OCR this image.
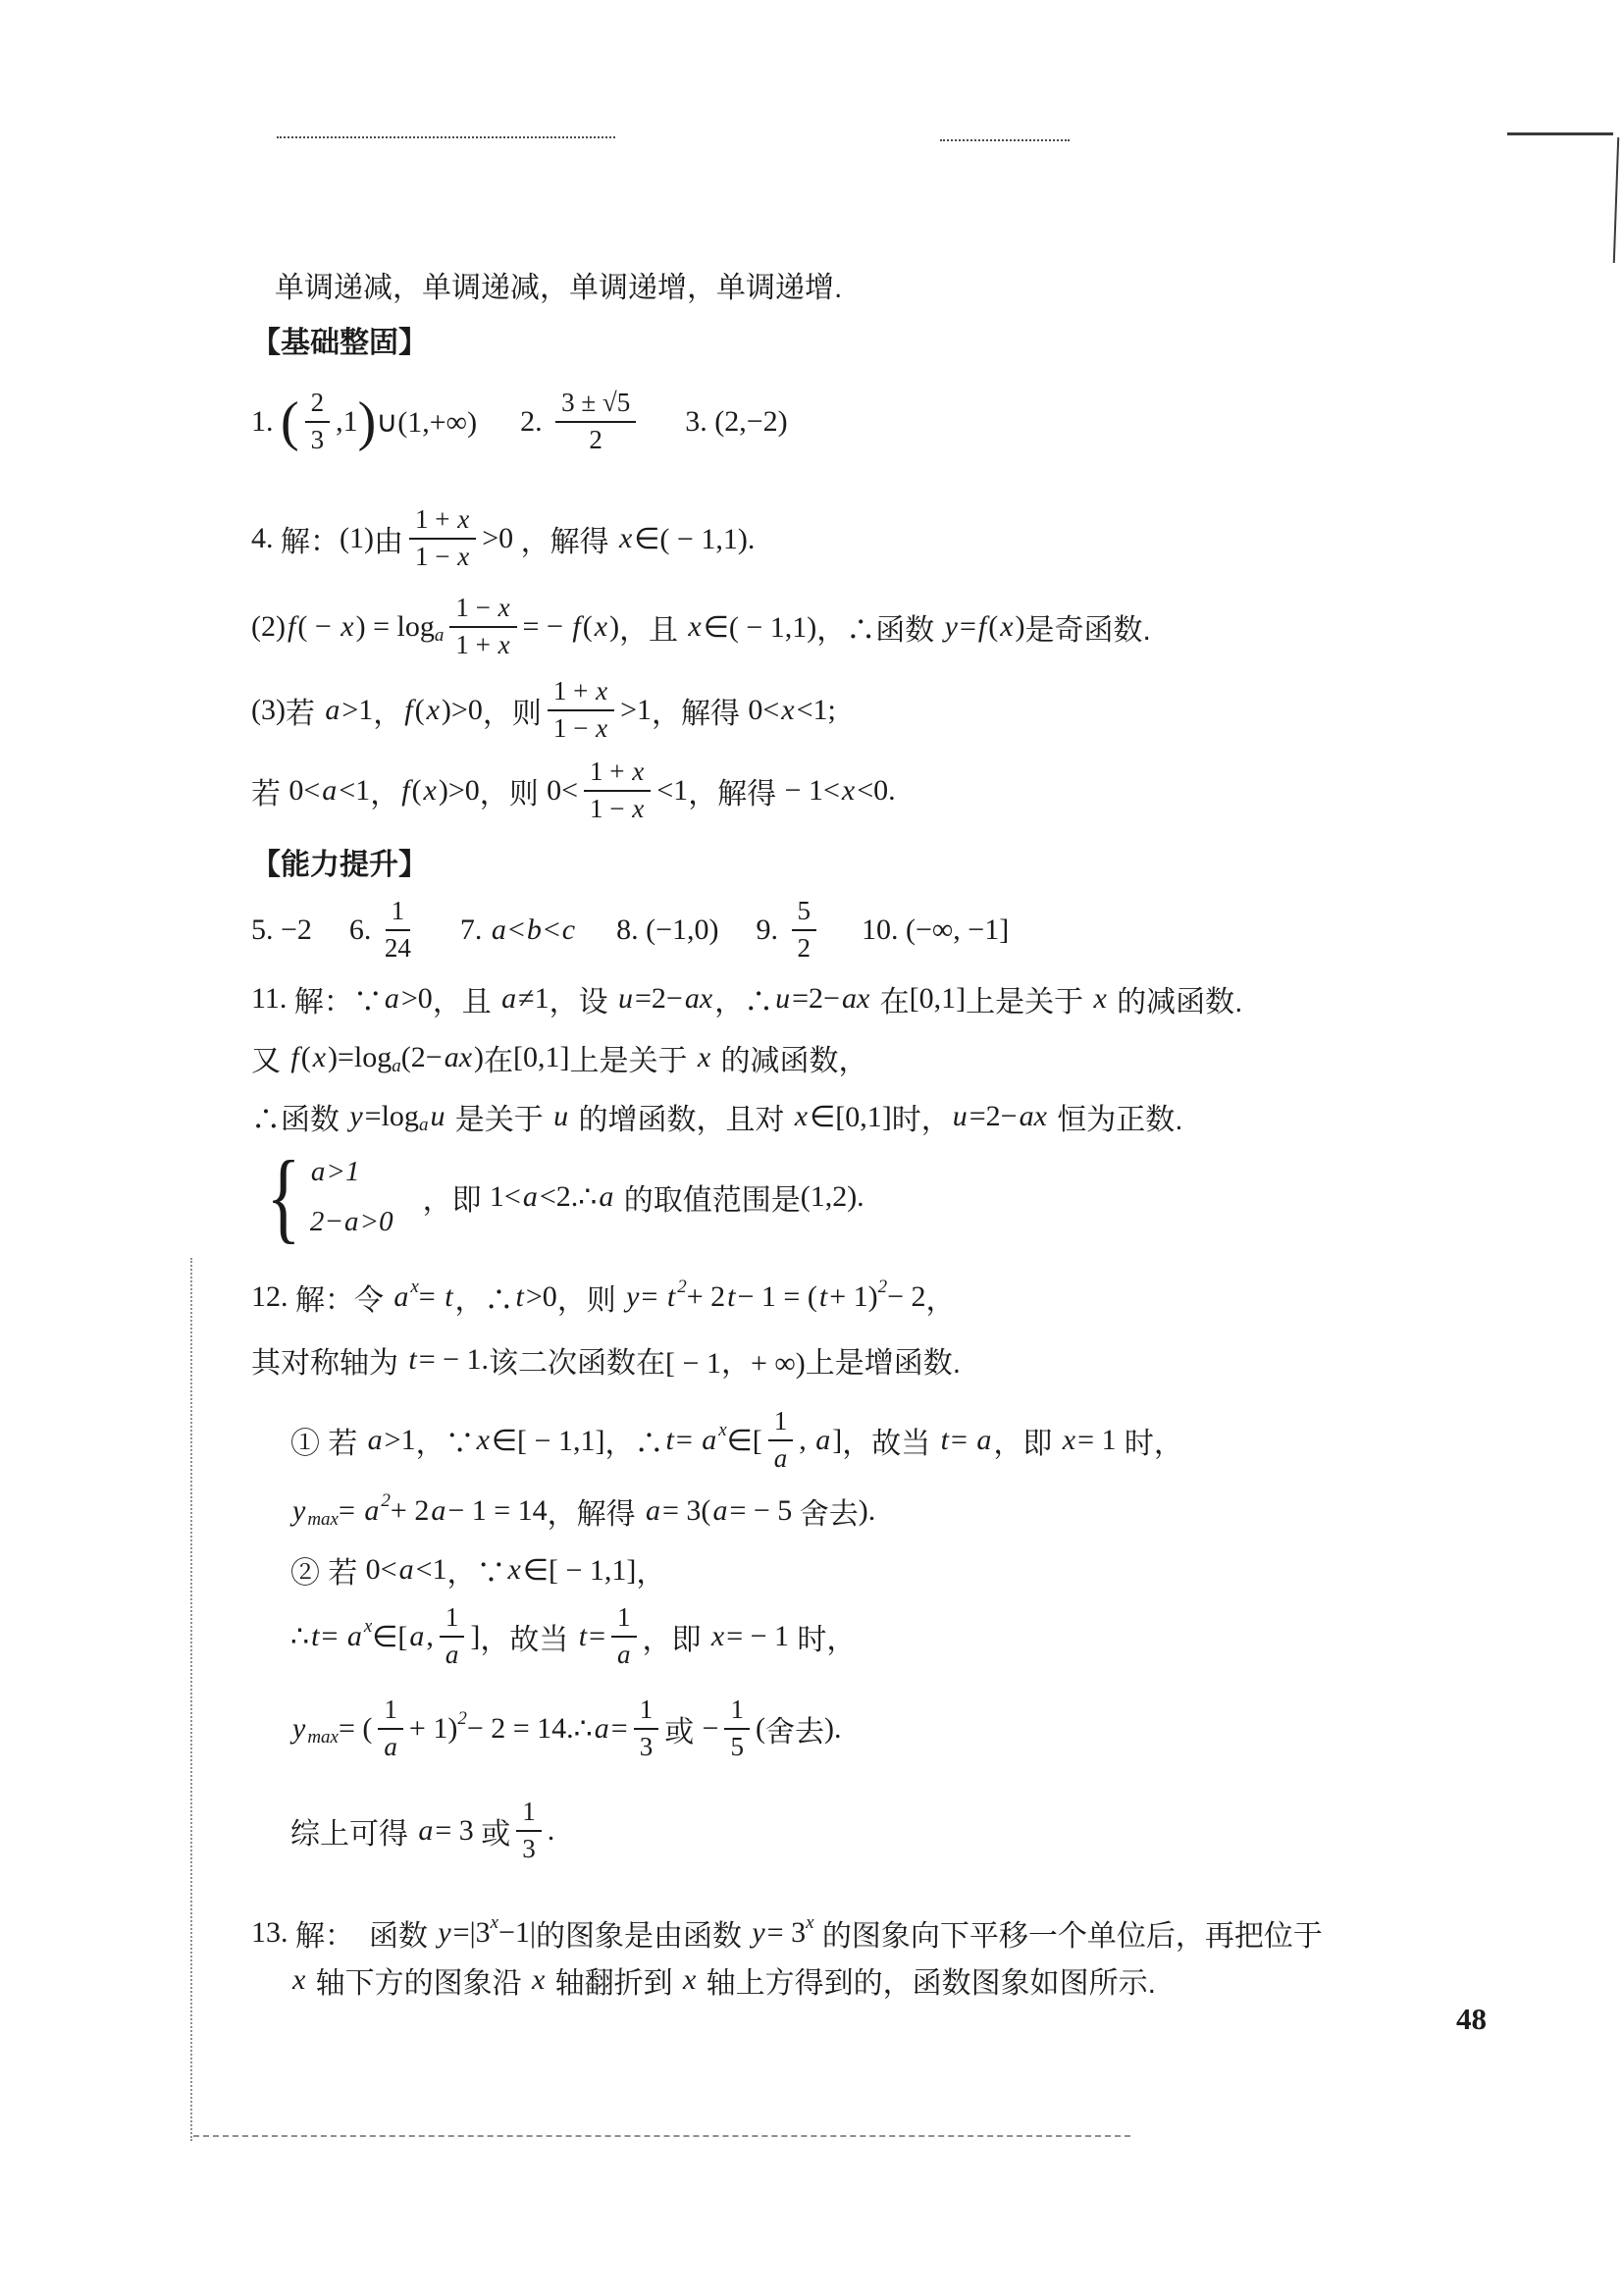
单调递减，单调递减，单调递增，单调递增.
【基础整固】
1. ( $\frac{2}{3} ,1$ ) ∪(1,+∞) 2. $\frac{3 \pm √5}{2} 3$. (2,−2)
4. 解： (1) 由 $\frac{1 + x}{1 - x} >0$ ，解得 x ∈( − 1,1).
(2) f ( − x ) = log a $\frac{1 - x}{1 + x}$ = − f ( x ) ，且 x ∈( − 1,1) ，∴函数 y = f ( x ) 是奇函数.
(3) 若 a >1 ， f ( x )>0 ，则 $\frac{1 + x}{1 - x} >1$ ，解得 0< x <1;
若 0< a <1 ， f ( x )>0 ，则 $0< \frac{1 + x}{1 - x} <1$ ，解得 − 1< x <0.
【能力提升】
5. −2 6. $\frac{1}{24} 7$. a < b < c 8. (−1,0) 9. $\frac{5}{2} 10$. (−∞, −1]
11. 解：∵ a >0 ，且 a ≠1 ，设 u =2− ax ，∴ u =2− ax 在 [0,1] 上是关于 x 的减函数.
又 f ( x )=log a (2− ax ) 在 [0,1] 上是关于 x 的减函数，
∴函数 y =log a u 是关于 u 的增函数，且对 x ∈[0,1] 时， u =2− ax 恒为正数.
{ a>1
2−a>0
，即 1< a <2. ∴ a 的取值范围是 (1,2).
12. 解：令 a x = t ，∴ t >0 ，则 y = t 2 + 2 t − 1 = ( t + 1) 2 − 2 ，
其对称轴为 t = − 1. 该二次函数在 [ − 1，+ ∞) 上是增函数.
① 若 a >1 ，∵ x ∈[ − 1,1] ，∴ t = a x ∈[ $\frac{1}{a}$ , a ] ，故当 t = a ，即 x = 1 时，
y max = a 2 + 2 a − 1 = 14 ，解得 a = 3( a = − 5 舍去 ).
② 若 0< a <1 ，∵ x ∈[ − 1,1] ，
∴ t = a x ∈[ a , $\frac{1}{a}$ ] ，故当 $t = \frac{1}{a}$ ，即 x = − 1 时，
y max = ( $\frac{1}{a} + 1$) 2 − 2 = 14. ∴ $a = \frac{1}{3}$ 或 − $\frac{1}{5}$ ( 舍去 ).
综上可得 a = 3 或 $\frac{1}{3}$ .
13. 解：　函数 y =|3 x −1| 的图象是由函数 y = 3 x 的图象向下平移一个单位后，再把位于
x 轴下方的图象沿 x 轴翻折到 x 轴上方得到的，函数图象如图所示.
48
